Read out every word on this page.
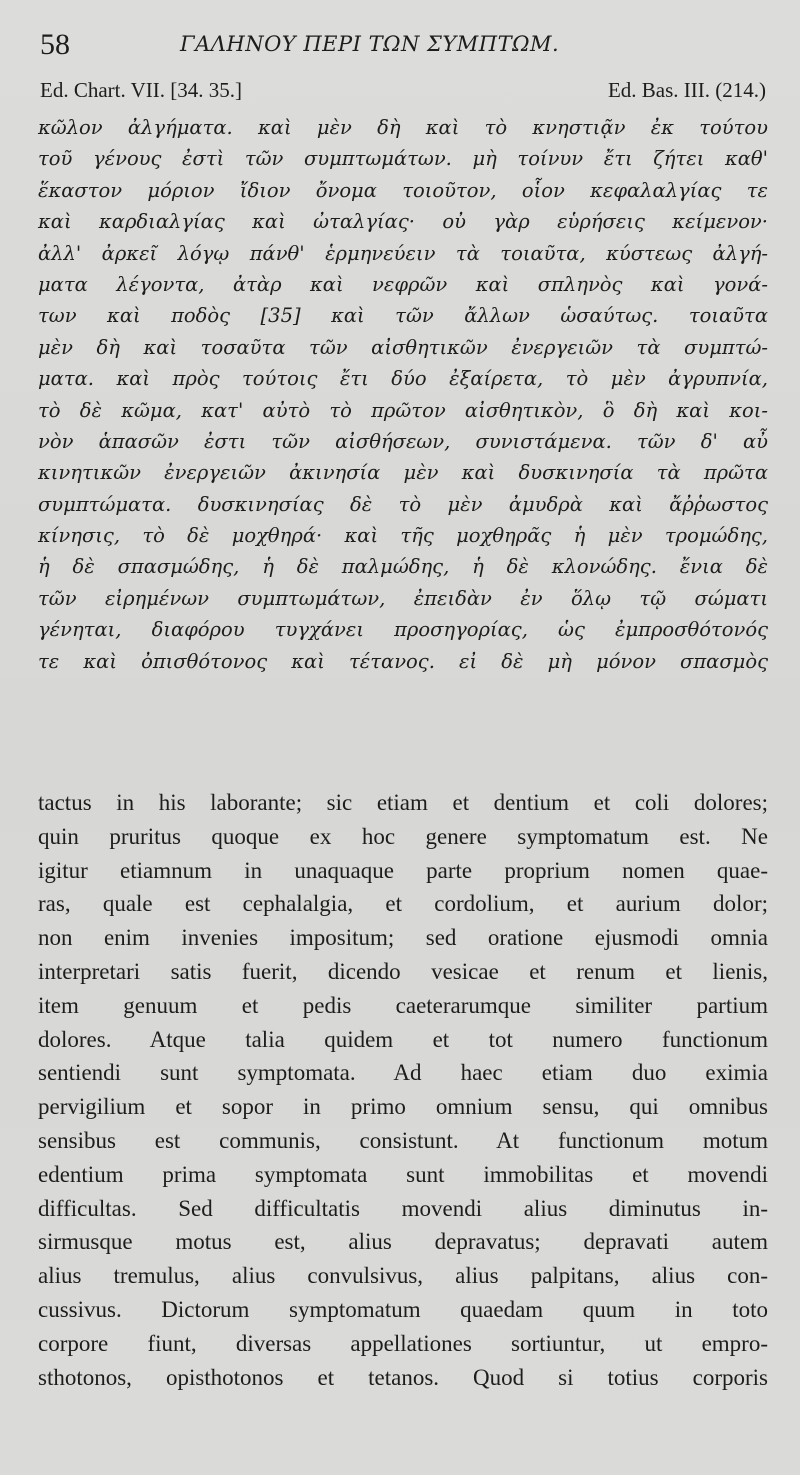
58	ΓΑΛΗΝΟΥ ΠΕΡΙ ΤΩΝ ΣΥΜΠΤΩΜ.
Ed. Chart. VII. [34. 35.]	Ed. Bas. III. (214.)
κῶλον ἀλγήματα. καὶ μὲν δὴ καὶ τὸ κνηστιᾷν ἐκ τούτου
τοῦ γένους ἐστὶ τῶν συμπτωμάτων. μὴ τοίνυν ἔτι ζήτει καθ'
ἕκαστον μόριον ἴδιον ὄνομα τοιοῦτον, οἷον κεφαλαλγίας τε
καὶ καρδιαλγίας καὶ ὠταλγίας· οὐ γὰρ εὑρήσεις κείμενον·
ἀλλ' ἀρκεῖ λόγῳ πάνθ' ἑρμηνεύειν τὰ τοιαῦτα, κύστεως ἀλγή-
ματα λέγοντα, ἀτὰρ καὶ νεφρῶν καὶ σπληνὸς καὶ γονά-
των καὶ ποδὸς [35] καὶ τῶν ἄλλων ὡσαύτως. τοιαῦτα
μὲν δὴ καὶ τοσαῦτα τῶν αἰσθητικῶν ἐνεργειῶν τὰ συμπτώ-
ματα. καὶ πρὸς τούτοις ἔτι δύο ἐξαίρετα, τὸ μὲν ἀγρυπνία,
τὸ δὲ κῶμα, κατ' αὐτὸ τὸ πρῶτον αἰσθητικὸν, ὃ δὴ καὶ κοι-
νὸν ἁπασῶν ἐστι τῶν αἰσθήσεων, συνιστάμενα. τῶν δ' αὖ
κινητικῶν ἐνεργειῶν ἀκινησία μὲν καὶ δυσκινησία τὰ πρῶτα
συμπτώματα. δυσκινησίας δὲ τὸ μὲν ἀμυδρὰ καὶ ἄῤῥωστος
κίνησις, τὸ δὲ μοχθηρά· καὶ τῆς μοχθηρᾶς ἡ μὲν τρομώδης,
ἡ δὲ σπασμώδης, ἡ δὲ παλμώδης, ἡ δὲ κλονώδης. ἔνια δὲ
τῶν εἰρημένων συμπτωμάτων, ἐπειδὰν ἐν ὅλῳ τῷ σώματι
γένηται, διαφόρου τυγχάνει προσηγορίας, ὡς ἐμπροσθότονός
τε καὶ ὀπισθότονος καὶ τέτανος. εἰ δὲ μὴ μόνον σπασμὸς
tactus in his laborante; sic etiam et dentium et coli dolores;
quin pruritus quoque ex hoc genere symptomatum est. Ne
igitur etiamnum in unaquaque parte proprium nomen quae-
ras, quale est cephalalgia, et cordolium, et aurium dolor;
non enim invenies impositum; sed oratione ejusmodi omnia
interpretari satis fuerit, dicendo vesicae et renum et lienis,
item genuum et pedis caeterarumque similiter partium
dolores. Atque talia quidem et tot numero functionum
sentiendi sunt symptomata. Ad haec etiam duo eximia
pervigilium et sopor in primo omnium sensu, qui omnibus
sensibus est communis, consistunt. At functionum motum
edentium prima symptomata sunt immobilitas et movendi
difficultas. Sed difficultatis movendi alius diminutus in-
sirmusque motus est, alius depravatus; depravati autem
alius tremulus, alius convulsivus, alius palpitans, alius con-
cussivus. Dictorum symptomatum quaedam quum in toto
corpore fiunt, diversas appellationes sortiuntur, ut empro-
sthotonos, opisthotonos et tetanos. Quod si totius corporis
